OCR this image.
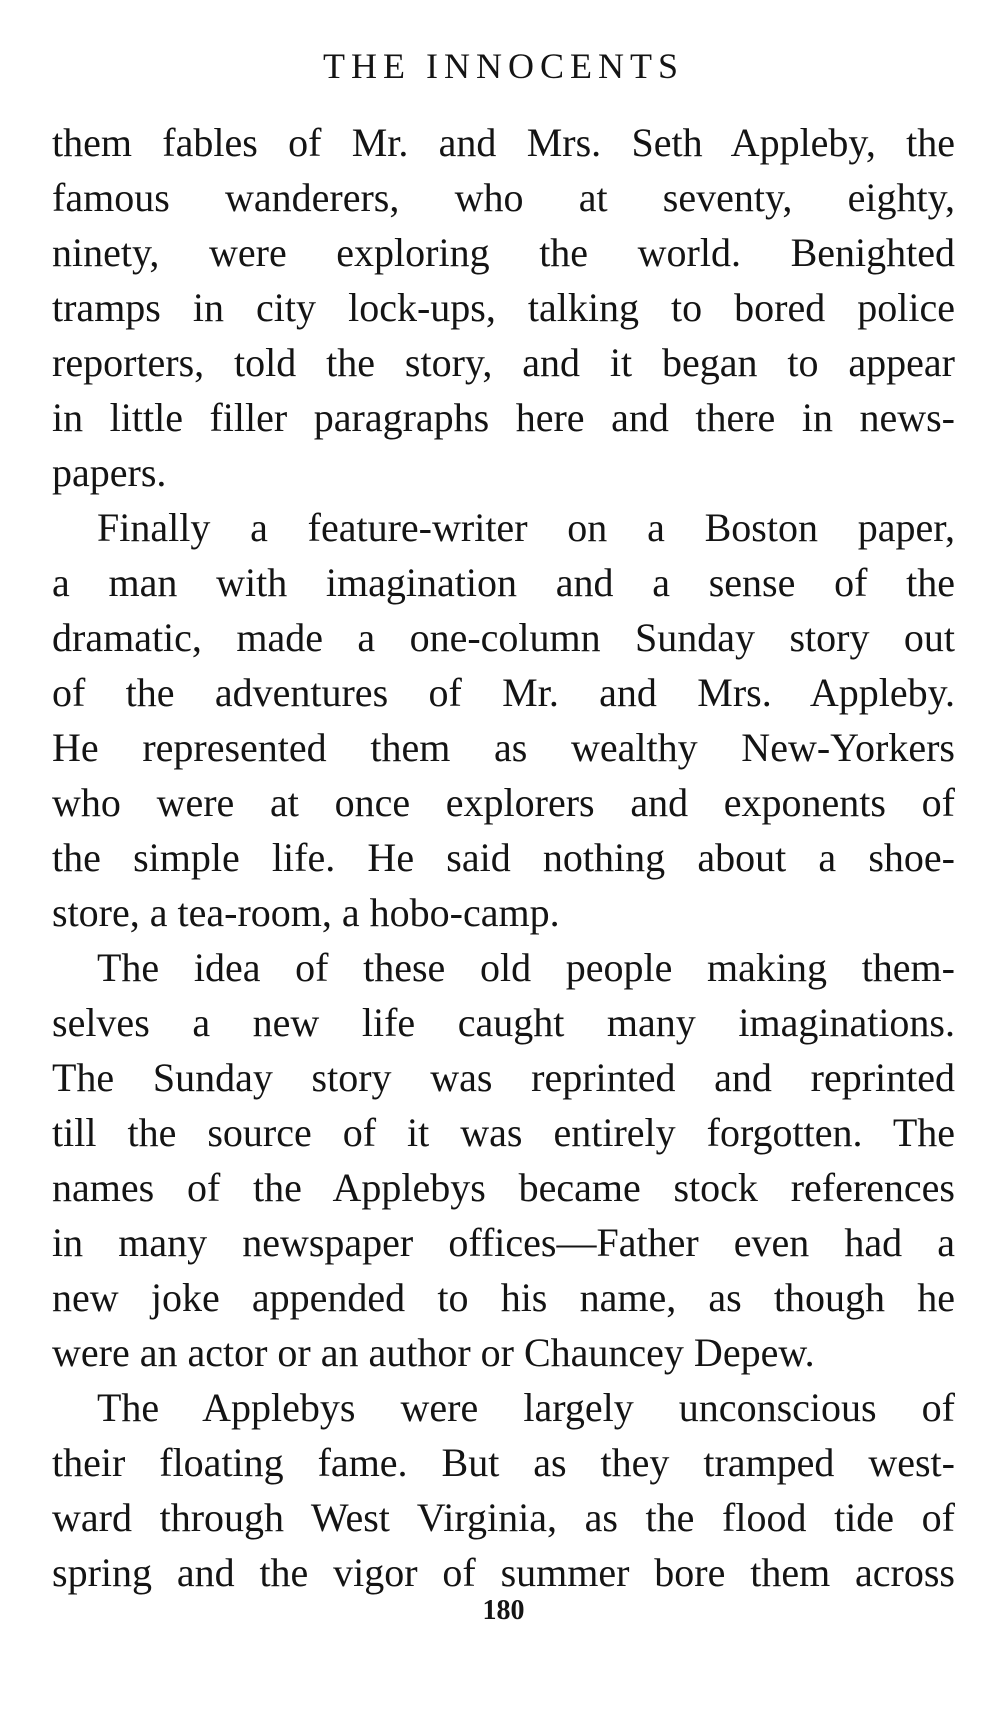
THE INNOCENTS
them fables of Mr. and Mrs. Seth Appleby, the
famous wanderers, who at seventy, eighty,
ninety, were exploring the world. Benighted
tramps in city lock-ups, talking to bored police
reporters, told the story, and it began to appear
in little filler paragraphs here and there in news-
papers.
Finally a feature-writer on a Boston paper,
a man with imagination and a sense of the
dramatic, made a one-column Sunday story out
of the adventures of Mr. and Mrs. Appleby.
He represented them as wealthy New-Yorkers
who were at once explorers and exponents of
the simple life. He said nothing about a shoe-
store, a tea-room, a hobo-camp.
The idea of these old people making them-
selves a new life caught many imaginations.
The Sunday story was reprinted and reprinted
till the source of it was entirely forgotten. The
names of the Applebys became stock references
in many newspaper offices—Father even had a
new joke appended to his name, as though he
were an actor or an author or Chauncey Depew.
The Applebys were largely unconscious of
their floating fame. But as they tramped west-
ward through West Virginia, as the flood tide of
spring and the vigor of summer bore them across
180
